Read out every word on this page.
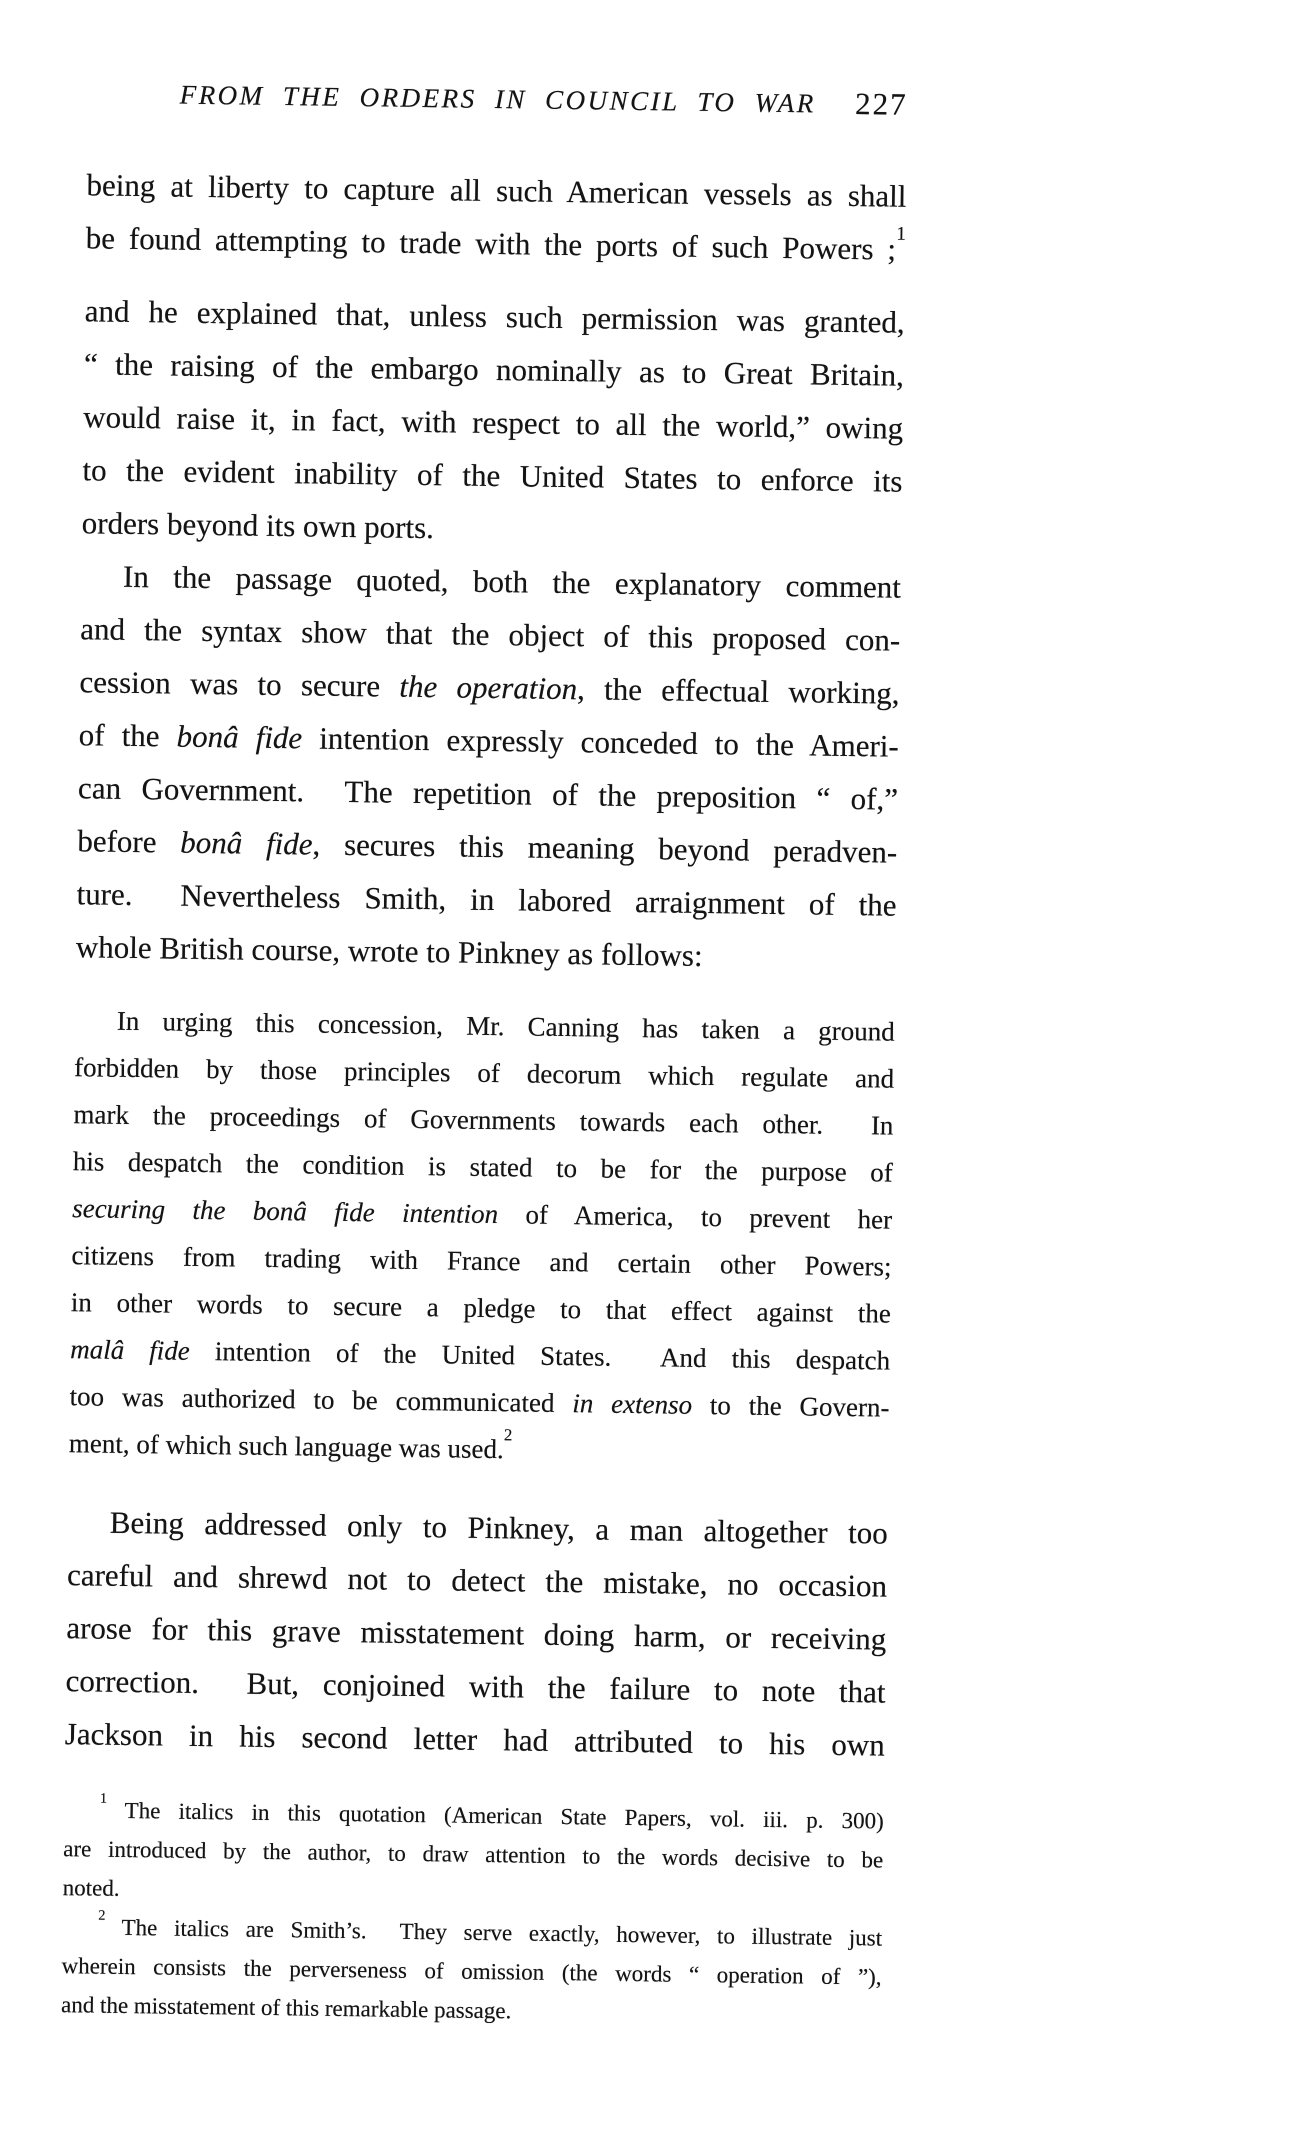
FROM THE ORDERS IN COUNCIL TO WAR	227
being at liberty to capture all such American vessels as shall
be found attempting to trade with the ports of such Powers ;$^1$
and he explained that, unless such permission was granted,
“ the raising of the embargo nominally as to Great Britain,
would raise it, in fact, with respect to all the world,” owing
to the evident inability of the United States to enforce its
orders beyond its own ports.
In the passage quoted, both the explanatory comment
and the syntax show that the object of this proposed con-
cession was to secure the operation, the effectual working,
of the bonâ fide intention expressly conceded to the Ameri-
can Government.  The repetition of the preposition “ of,”
before bonâ fide, secures this meaning beyond peradven-
ture.  Nevertheless Smith, in labored arraignment of the
whole British course, wrote to Pinkney as follows:
In urging this concession, Mr. Canning has taken a ground
forbidden by those principles of decorum which regulate and
mark the proceedings of Governments towards each other.  In
his despatch the condition is stated to be for the purpose of
securing the bonâ fide intention of America, to prevent her
citizens from trading with France and certain other Powers;
in other words to secure a pledge to that effect against the
malâ fide intention of the United States.  And this despatch
too was authorized to be communicated in extenso to the Govern-
ment, of which such language was used.$^2$
Being addressed only to Pinkney, a man altogether too
careful and shrewd not to detect the mistake, no occasion
arose for this grave misstatement doing harm, or receiving
correction.  But, conjoined with the failure to note that
Jackson in his second letter had attributed to his own
$^1$ The italics in this quotation (American State Papers, vol. iii. p. 300)
are introduced by the author, to draw attention to the words decisive to be
noted.
$^2$ The italics are Smith’s.  They serve exactly, however, to illustrate just
wherein consists the perverseness of omission (the words “ operation of ”),
and the misstatement of this remarkable passage.
